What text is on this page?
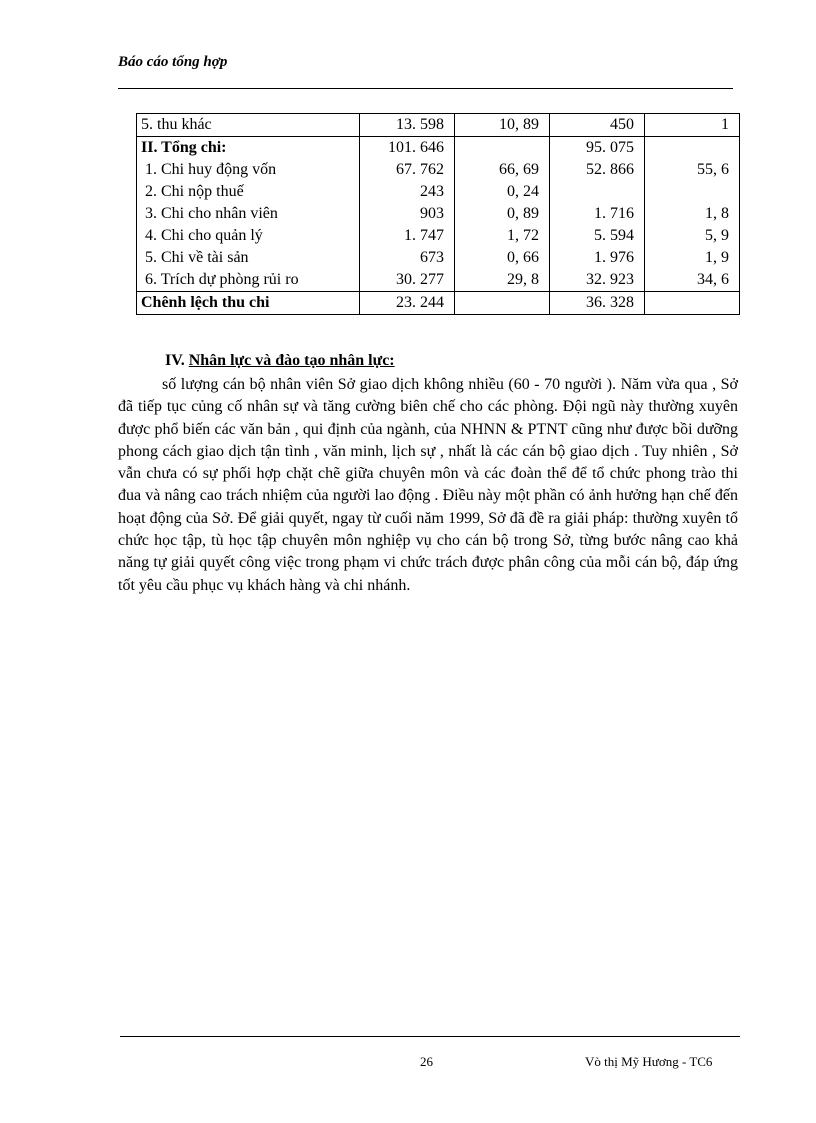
Báo cáo tổng hợp
5. thu khác	13. 598	10, 89	450	1
II. Tổng chi:	101. 646		95. 075	
1. Chi huy động vốn	67. 762	66, 69	52. 866	55, 6
2. Chi nộp thuế	243	0, 24		
3. Chi cho nhân viên	903	0, 89	1. 716	1, 8
4. Chi cho quản lý	1. 747	1, 72	5. 594	5, 9
5. Chi về tài sản	673	0, 66	1. 976	1, 9
6. Trích dự phòng rủi ro	30. 277	29, 8	32. 923	34, 6
Chênh lệch thu chi	23. 244		36. 328	
IV. Nhân lực và đào tạo nhân lực:
số lượng cán bộ nhân viên Sở giao dịch không nhiều (60 - 70 người ). Năm vừa qua , Sở đã tiếp tục củng cố nhân sự và tăng cường biên chế cho các phòng. Đội ngũ này thường xuyên được phổ biến các văn bản , qui định của ngành, của NHNN & PTNT cũng như được bồi dưỡng phong cách giao dịch tận tình , văn minh, lịch sự , nhất là các cán bộ giao dịch . Tuy nhiên , Sở vẫn chưa có sự phối hợp chặt chẽ giữa chuyên môn và các đoàn thể để tổ chức phong trào thi đua và nâng cao trách nhiệm của người lao động . Điều này một phần có ảnh hưởng hạn chế đến hoạt động của Sở. Để giải quyết, ngay từ cuối năm 1999, Sở đã đề ra giải pháp: thường xuyên tổ chức học tập, tù học tập chuyên môn nghiệp vụ cho cán bộ trong Sở, từng bước nâng cao khả năng tự giải quyết công việc trong phạm vi chức trách được phân công của mỗi cán bộ, đáp ứng tốt yêu cầu phục vụ khách hàng và chi nhánh.
26	Vò thị Mỹ Hương - TC6
